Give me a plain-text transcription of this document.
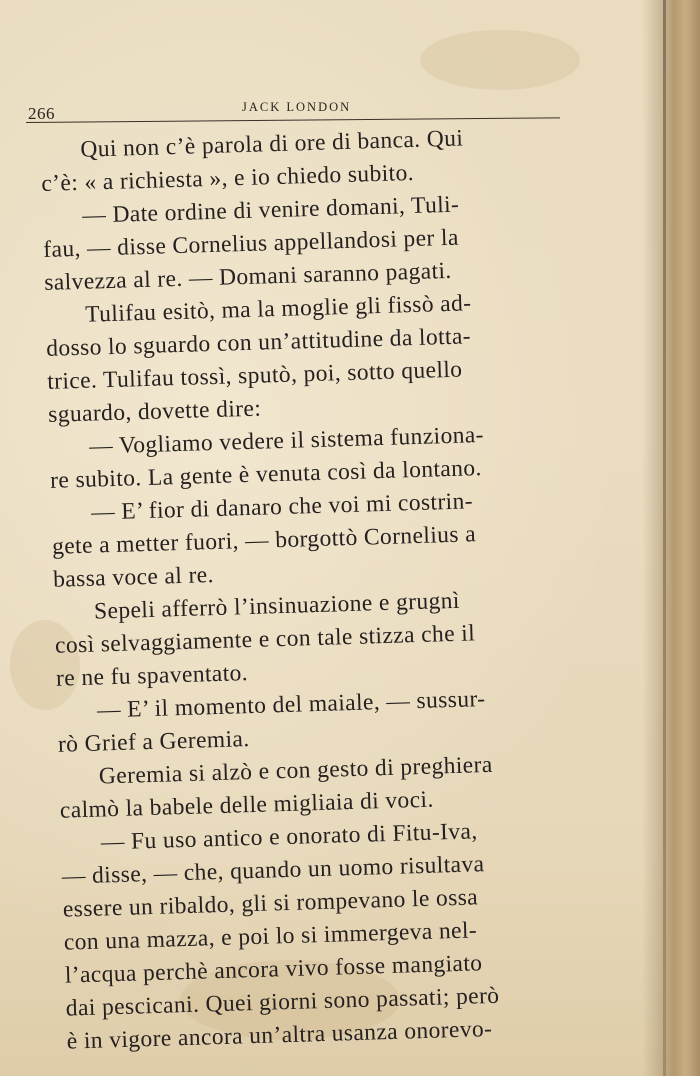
266	JACK LONDON
Qui non c’è parola di ore di banca. Qui
c’è: « a richiesta », e io chiedo subito.
— Date ordine di venire domani, Tuli-
fau, — disse Cornelius appellandosi per la
salvezza al re. — Domani saranno pagati.
Tulifau esitò, ma la moglie gli fissò ad-
dosso lo sguardo con un’attitudine da lotta-
trice. Tulifau tossì, sputò, poi, sotto quello
sguardo, dovette dire:
— Vogliamo vedere il sistema funziona-
re subito. La gente è venuta così da lontano.
— E’ fior di danaro che voi mi costrin-
gete a metter fuori, — borgottò Cornelius a
bassa voce al re.
Sepeli afferrò l’insinuazione e grugnì
così selvaggiamente e con tale stizza che il
re ne fu spaventato.
— E’ il momento del maiale, — sussur-
rò Grief a Geremia.
Geremia si alzò e con gesto di preghiera
calmò la babele delle migliaia di voci.
— Fu uso antico e onorato di Fitu-Iva,
— disse, — che, quando un uomo risultava
essere un ribaldo, gli si rompevano le ossa
con una mazza, e poi lo si immergeva nel-
l’acqua perchè ancora vivo fosse mangiato
dai pescicani. Quei giorni sono passati; però
è in vigore ancora un’altra usanza onorevo-
